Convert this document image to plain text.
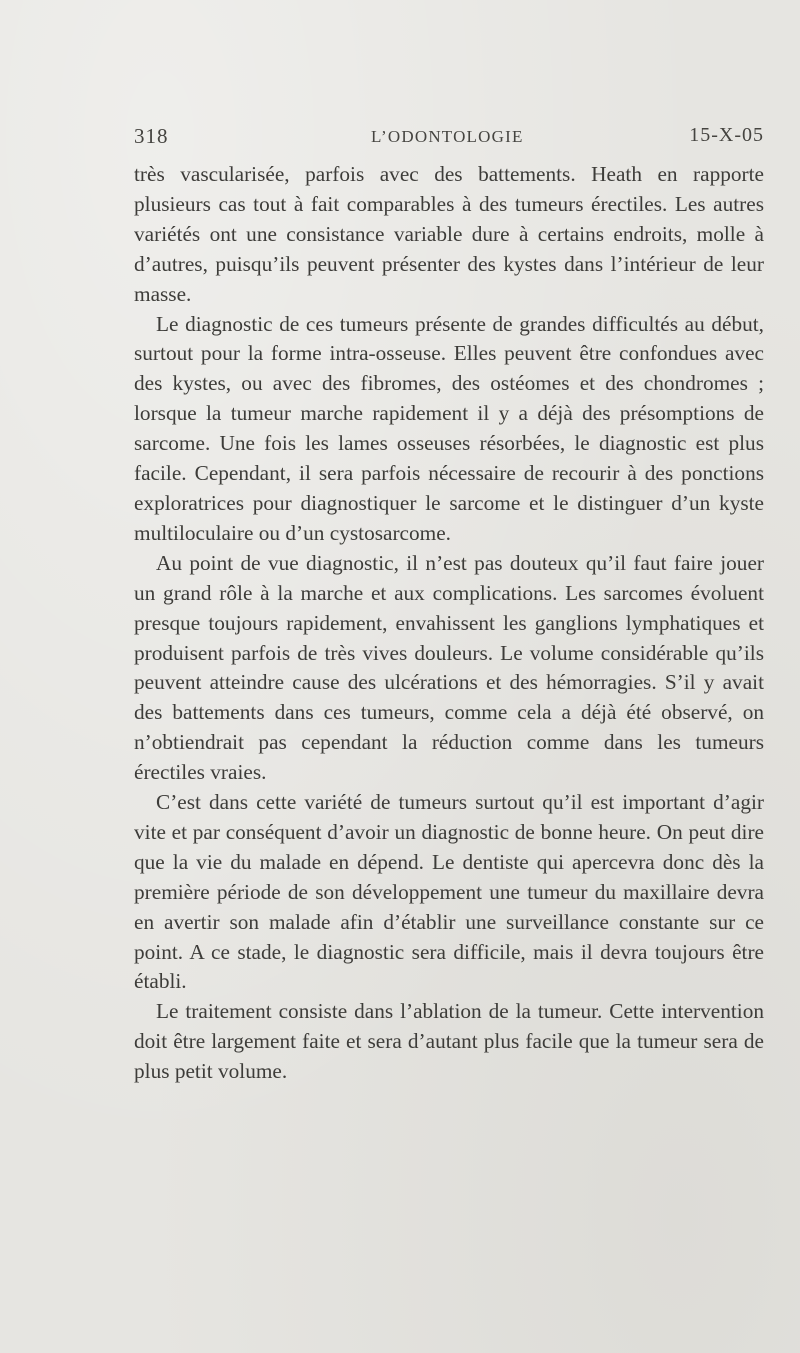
318	L’ODONTOLOGIE	15-X-05

très vascularisée, parfois avec des battements. Heath en rapporte plusieurs cas tout à fait comparables à des tumeurs érectiles. Les autres variétés ont une consistance variable dure à certains endroits, molle à d’autres, puisqu’ils peuvent présenter des kystes dans l’intérieur de leur masse.

Le diagnostic de ces tumeurs présente de grandes difficultés au début, surtout pour la forme intra-osseuse. Elles peuvent être confondues avec des kystes, ou avec des fibromes, des ostéomes et des chondromes ; lorsque la tumeur marche rapidement il y a déjà des présomptions de sarcome. Une fois les lames osseuses résorbées, le diagnostic est plus facile. Cependant, il sera parfois nécessaire de recourir à des ponctions exploratrices pour diagnostiquer le sarcome et le distinguer d’un kyste multiloculaire ou d’un cystosarcome.

Au point de vue diagnostic, il n’est pas douteux qu’il faut faire jouer un grand rôle à la marche et aux complications. Les sarcomes évoluent presque toujours rapidement, envahissent les ganglions lymphatiques et produisent parfois de très vives douleurs. Le volume considérable qu’ils peuvent atteindre cause des ulcérations et des hémorragies. S’il y avait des battements dans ces tumeurs, comme cela a déjà été observé, on n’obtiendrait pas cependant la réduction comme dans les tumeurs érectiles vraies.

C’est dans cette variété de tumeurs surtout qu’il est important d’agir vite et par conséquent d’avoir un diagnostic de bonne heure. On peut dire que la vie du malade en dépend. Le dentiste qui apercevra donc dès la première période de son développement une tumeur du maxillaire devra en avertir son malade afin d’établir une surveillance constante sur ce point. A ce stade, le diagnostic sera difficile, mais il devra toujours être établi.

Le traitement consiste dans l’ablation de la tumeur. Cette intervention doit être largement faite et sera d’autant plus facile que la tumeur sera de plus petit volume.
